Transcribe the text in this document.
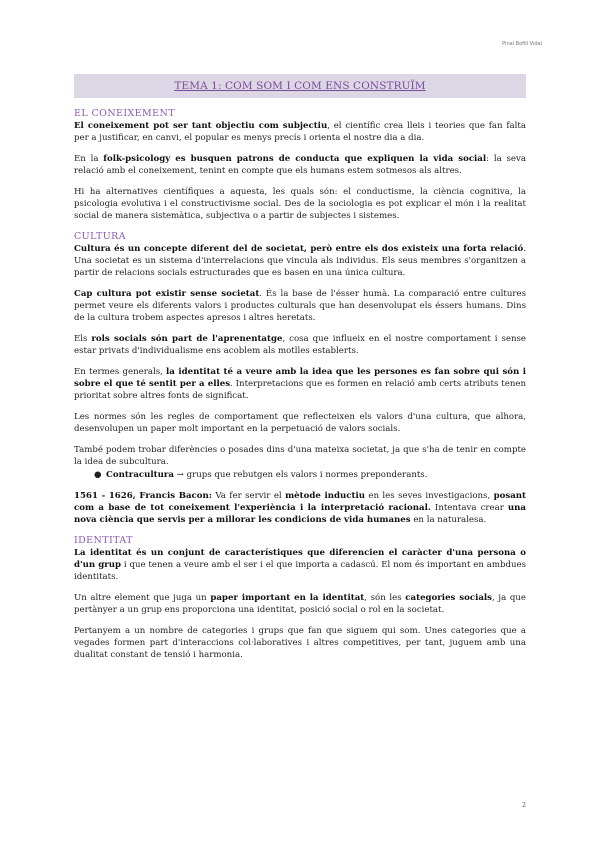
Pinal Bofill Vidal
TEMA 1: COM SOM I COM ENS CONSTRUÏM

EL CONEIXEMENT

El coneixement pot ser tant objectiu com subjectiu, el científic crea lleis i teories que fan falta per a justificar, en canvi, el popular es menys precís i orienta el nostre dia a dia.

En la folk-psicology es busquen patrons de conducta que expliquen la vida social: la seva relació amb el coneixement, tenint en compte que els humans estem sotmesos als altres.

Hi ha alternatives científiques a aquesta, les quals són: el conductisme, la ciència cognitiva, la psicologia evolutiva i el constructivisme social. Des de la sociologia es pot explicar el món i la realitat social de manera sistemàtica, subjectiva o a partir de subjectes i sistemes.

CULTURA

Cultura és un concepte diferent del de societat, però entre els dos existeix una forta relació. Una societat es un sistema d'interrelacions que vincula als individus. Els seus membres s'organitzen a partir de relacions socials estructurades que es basen en una única cultura.

Cap cultura pot existir sense societat. És la base de l'ésser humà. La comparació entre cultures permet veure els diferents valors i productes culturals que han desenvolupat els éssers humans. Dins de la cultura trobem aspectes apresos i altres heretats.

Els rols socials són part de l'aprenentatge, cosa que influeix en el nostre comportament i sense estar privats d'individualisme ens acoblem als motlles establerts.

En termes generals, la identitat té a veure amb la idea que les persones es fan sobre qui són i sobre el que té sentit per a elles. Interpretacions que es formen en relació amb certs atributs tenen prioritat sobre altres fonts de significat.

Les normes són les regles de comportament que reflecteixen els valors d'una cultura, que alhora, desenvolupen un paper molt important en la perpetuació de valors socials.

També podem trobar diferències o posades dins d'una mateixa societat, ja que s'ha de tenir en compte la idea de subcultura.

● Contracultura → grups que rebutgen els valors i normes preponderants.

1561 - 1626, Francis Bacon: Va fer servir el mètode inductiu en les seves investigacions, posant com a base de tot coneixement l'experiència i la interpretació racional. Intentava crear una nova ciència que servis per a millorar les condicions de vida humanes en la naturalesa.

IDENTITAT

La identitat és un conjunt de característiques que diferencien el caràcter d'una persona o d'un grup i que tenen a veure amb el ser i el que importa a cadascú. El nom és important en ambdues identitats.

Un altre element que juga un paper important en la identitat, són les categories socials, ja que pertànyer a un grup ens proporciona una identitat, posició social o rol en la societat.

Pertanyem a un nombre de categories i grups que fan que siguem qui som. Unes categories que a vegades formen part d'interaccions col·laboratives i altres competitives, per tant, juguem amb una dualitat constant de tensió i harmonia.

2
